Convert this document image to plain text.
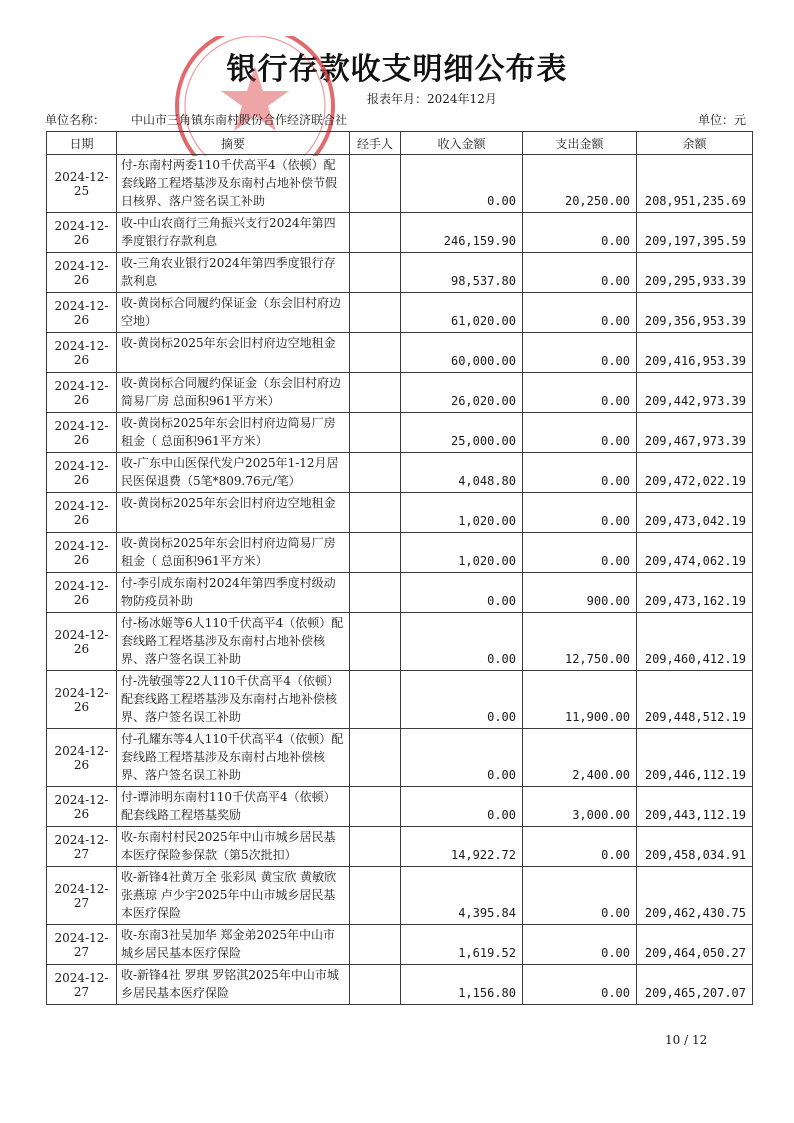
银行存款收支明细公布表
报表年月：2024年12月
单位名称： 中山市三角镇东南村股份合作经济联合社	单位：元
日期	摘要	经手人	收入金额	支出金额	余额
2024-12-25	付-东南村两委110千伏高平4（依顿）配套线路工程塔基涉及东南村占地补偿节假日核界、落户签名误工补助		0.00	20,250.00	208,951,235.69
2024-12-26	收-中山农商行三角振兴支行2024年第四季度银行存款利息		246,159.90	0.00	209,197,395.59
2024-12-26	收-三角农业银行2024年第四季度银行存款利息		98,537.80	0.00	209,295,933.39
2024-12-26	收-黄岗标合同履约保证金（东会旧村府边空地）		61,020.00	0.00	209,356,953.39
2024-12-26	收-黄岗标2025年东会旧村府边空地租金		60,000.00	0.00	209,416,953.39
2024-12-26	收-黄岗标合同履约保证金（东会旧村府边简易厂房 总面积961平方米）		26,020.00	0.00	209,442,973.39
2024-12-26	收-黄岗标2025年东会旧村府边简易厂房租金（ 总面积961平方米）		25,000.00	0.00	209,467,973.39
2024-12-26	收-广东中山医保代发户2025年1-12月居民医保退费（5笔*809.76元/笔）		4,048.80	0.00	209,472,022.19
2024-12-26	收-黄岗标2025年东会旧村府边空地租金		1,020.00	0.00	209,473,042.19
2024-12-26	收-黄岗标2025年东会旧村府边简易厂房租金（ 总面积961平方米）		1,020.00	0.00	209,474,062.19
2024-12-26	付-李引成东南村2024年第四季度村级动物防疫员补助		0.00	900.00	209,473,162.19
2024-12-26	付-杨冰姬等6人110千伏高平4（依顿）配套线路工程塔基涉及东南村占地补偿核界、落户签名误工补助		0.00	12,750.00	209,460,412.19
2024-12-26	付-冼敏强等22人110千伏高平4（依顿）配套线路工程塔基涉及东南村占地补偿核界、落户签名误工补助		0.00	11,900.00	209,448,512.19
2024-12-26	付-孔耀东等4人110千伏高平4（依顿）配套线路工程塔基涉及东南村占地补偿核界、落户签名误工补助		0.00	2,400.00	209,446,112.19
2024-12-26	付-谭沛明东南村110千伏高平4（依顿）配套线路工程塔基奖励		0.00	3,000.00	209,443,112.19
2024-12-27	收-东南村村民2025年中山市城乡居民基本医疗保险参保款（第5次批扣）		14,922.72	0.00	209,458,034.91
2024-12-27	收-新锋4社黄万全 张彩凤 黄宝欣 黄敏欣 张燕琼 卢少宇2025年中山市城乡居民基本医疗保险		4,395.84	0.00	209,462,430.75
2024-12-27	收-东南3社吴加华 郑金弟2025年中山市城乡居民基本医疗保险		1,619.52	0.00	209,464,050.27
2024-12-27	收-新锋4社 罗琪 罗铭淇2025年中山市城乡居民基本医疗保险		1,156.80	0.00	209,465,207.07
10 / 12
